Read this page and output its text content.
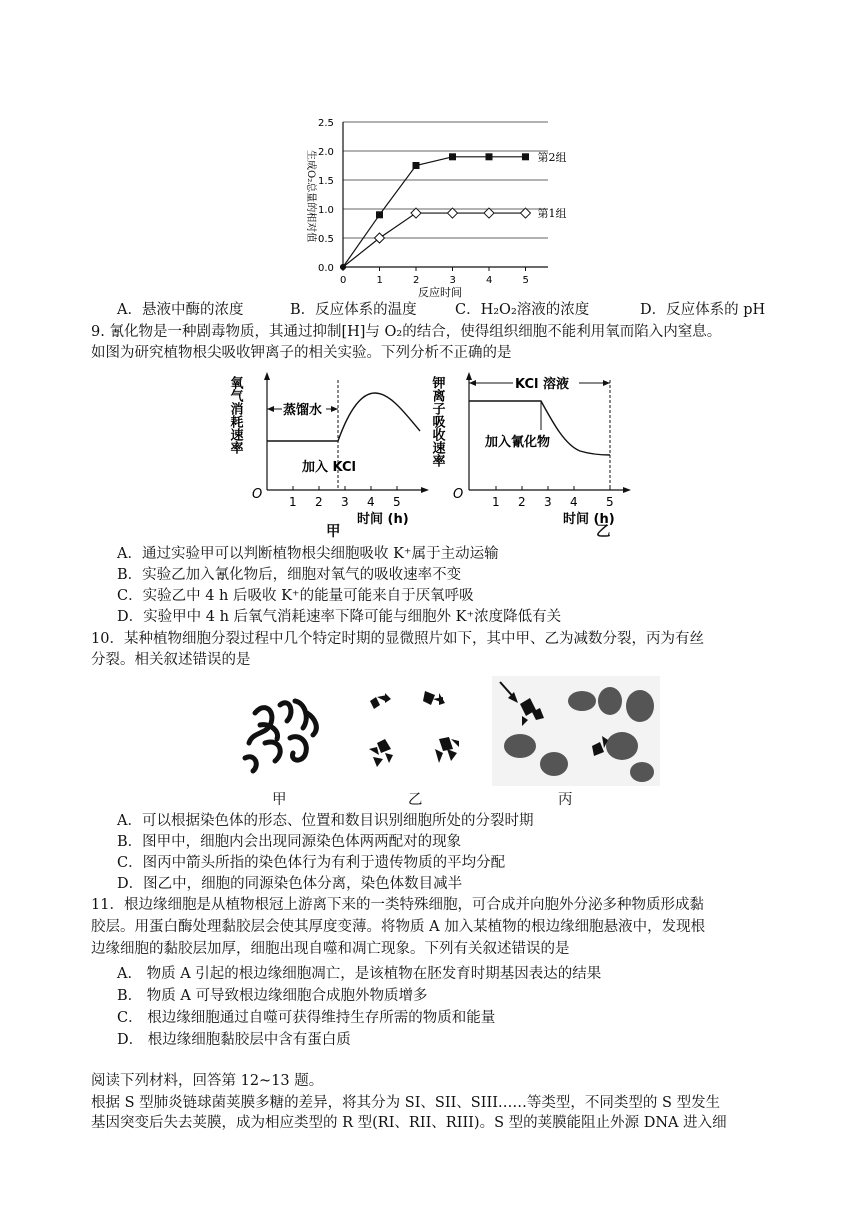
0.0
0.5
1.0
1.5
2.0
2.5
0	1	2	3	4	5
第2组
第1组
反应时间
生成O₂总量的相对值
A．悬液中酶的浓度	B．反应体系的温度	C．H₂O₂溶液的浓度	D．反应体系的 pH
9. 氰化物是一种剧毒物质，其通过抑制[H]与 O₂的结合，使得组织细胞不能利用氧而陷入内窒息。
如图为研究植物根尖吸收钾离子的相关实验。下列分析不正确的是
氧气消耗速率
O 1 2 3 4 5
时间 (h)
蒸馏水
加入 KCl
甲
钾离子吸收速率
O 1 2 3 4 5
时间 (h)
KCl 溶液
加入氰化物
乙
A．通过实验甲可以判断植物根尖细胞吸收 K⁺属于主动运输
B．实验乙加入氰化物后，细胞对氧气的吸收速率不变
C．实验乙中 4 h 后吸收 K⁺的能量可能来自于厌氧呼吸
D．实验甲中 4 h 后氧气消耗速率下降可能与细胞外 K⁺浓度降低有关
10．某种植物细胞分裂过程中几个特定时期的显微照片如下，其中甲、乙为减数分裂，丙为有丝
分裂。相关叙述错误的是
甲	乙	丙
A．可以根据染色体的形态、位置和数目识别细胞所处的分裂时期
B．图甲中，细胞内会出现同源染色体两两配对的现象
C．图丙中箭头所指的染色体行为有利于遗传物质的平均分配
D．图乙中，细胞的同源染色体分离，染色体数目减半
11．根边缘细胞是从植物根冠上游离下来的一类特殊细胞，可合成并向胞外分泌多种物质形成黏
胶层。用蛋白酶处理黏胶层会使其厚度变薄。将物质 A 加入某植物的根边缘细胞悬液中，发现根
边缘细胞的黏胶层加厚，细胞出现自噬和凋亡现象。下列有关叙述错误的是
A． 物质 A 引起的根边缘细胞凋亡，是该植物在胚发育时期基因表达的结果
B． 物质 A 可导致根边缘细胞合成胞外物质增多
C． 根边缘细胞通过自噬可获得维持生存所需的物质和能量
D． 根边缘细胞黏胶层中含有蛋白质
阅读下列材料，回答第 12~13 题。
根据 S 型肺炎链球菌荚膜多糖的差异，将其分为 SI、SII、SIII……等类型，不同类型的 S 型发生
基因突变后失去荚膜，成为相应类型的 R 型(RI、RII、RIII)。S 型的荚膜能阻止外源 DNA 进入细
